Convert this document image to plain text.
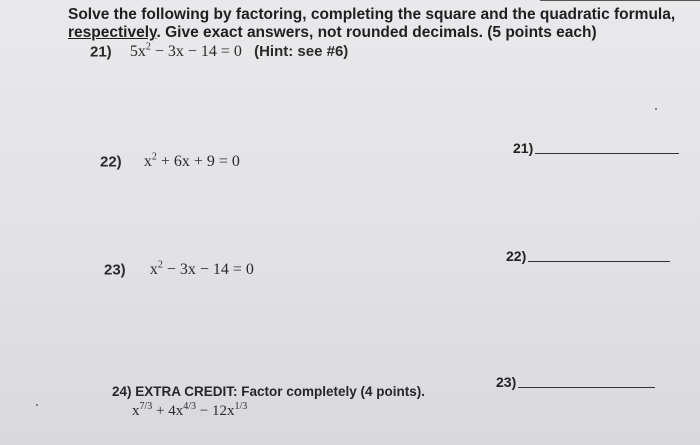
Solve the following by factoring, completing the square and the quadratic formula, respectively. Give exact answers, not rounded decimals. (5 points each)
21) $5x^2 - 3x - 14 = 0$ (Hint: see #6)
22) $x^2 + 6x + 9 = 0$
23) $x^2 - 3x - 14 = 0$
21)
22)
23)
24) EXTRA CREDIT: Factor completely (4 points).
$x^{7/3} + 4x^{4/3} - 12x^{1/3}$
